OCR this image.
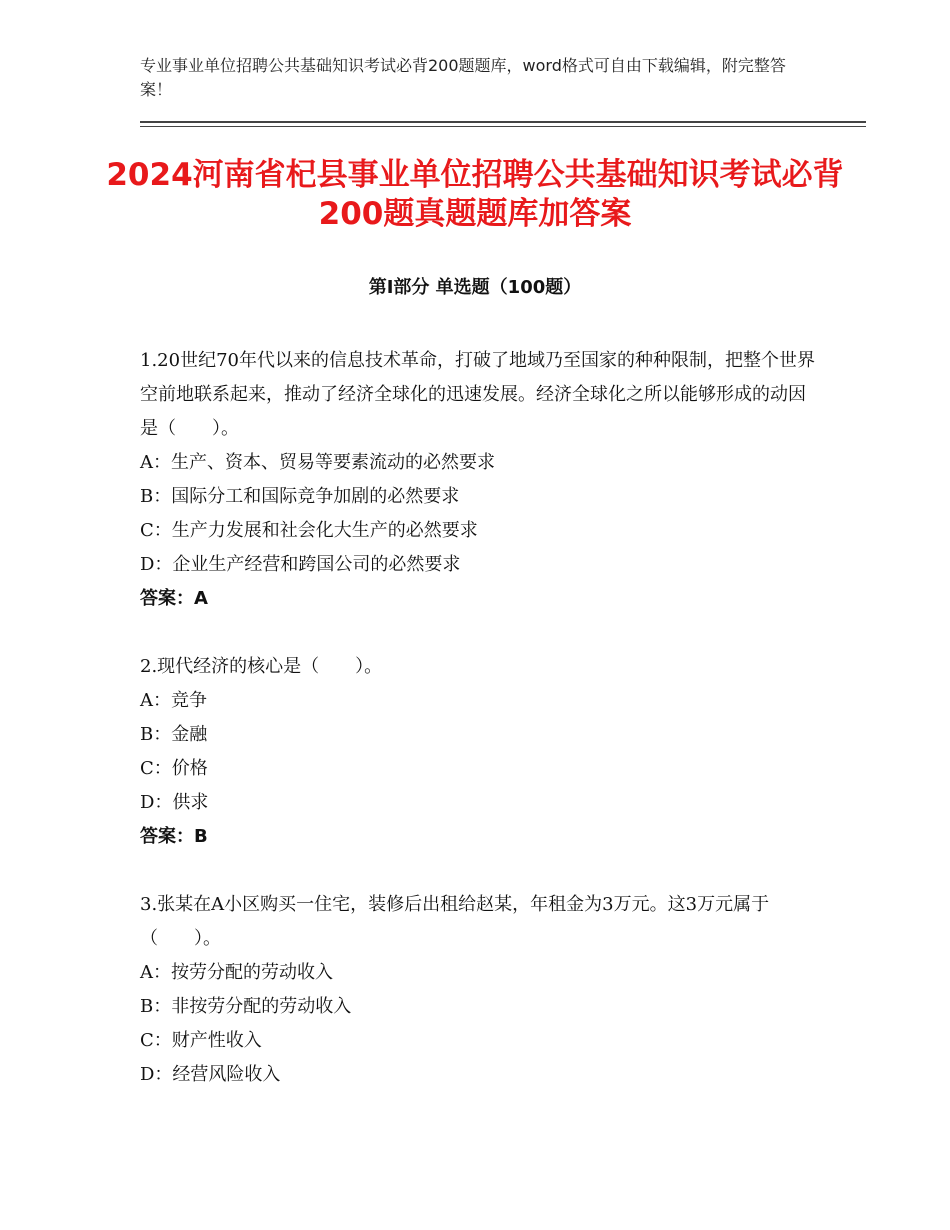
专业事业单位招聘公共基础知识考试必背200题题库，word格式可自由下载编辑，附完整答案！
2024河南省杞县事业单位招聘公共基础知识考试必背200题真题题库加答案
第I部分 单选题（100题）

1.20世纪70年代以来的信息技术革命，打破了地域乃至国家的种种限制，把整个世界空前地联系起来，推动了经济全球化的迅速发展。经济全球化之所以能够形成的动因是（　　）。

A：生产、资本、贸易等要素流动的必然要求

B：国际分工和国际竞争加剧的必然要求

C：生产力发展和社会化大生产的必然要求

D：企业生产经营和跨国公司的必然要求

答案：A

2.现代经济的核心是（　　）。

A：竞争

B：金融

C：价格

D：供求

答案：B

3.张某在A小区购买一住宅，装修后出租给赵某，年租金为3万元。这3万元属于（　　）。

A：按劳分配的劳动收入

B：非按劳分配的劳动收入

C：财产性收入

D：经营风险收入
